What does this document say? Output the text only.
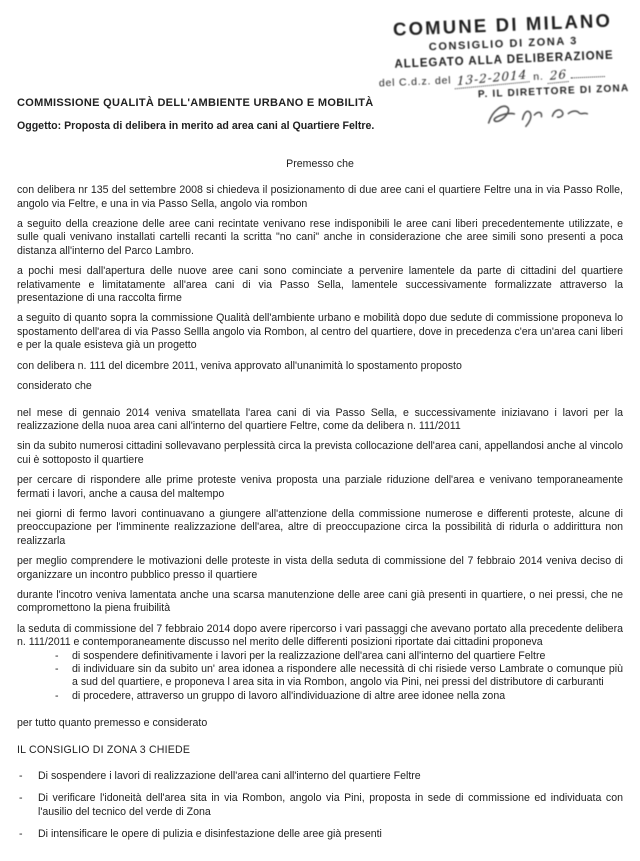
COMUNE DI MILANO
CONSIGLIO DI ZONA 3
ALLEGATO ALLA DELIBERAZIONE
del C.d.z. del 13-2-2014 n. 26
P. IL DIRETTORE DI ZONA
COMMISSIONE QUALITÀ DELL'AMBIENTE URBANO E MOBILITÀ
Oggetto: Proposta di delibera in merito ad area cani al Quartiere Feltre.
Premesso che

con delibera nr 135 del settembre 2008 si chiedeva il posizionamento di due aree cani el quartiere Feltre una in via Passo Rolle, angolo via Feltre, e una in via Passo Sella, angolo via rombon

a seguito della creazione delle aree cani recintate venivano rese indisponibili le aree cani liberi precedentemente utilizzate, e sulle quali venivano installati cartelli recanti la scritta "no cani" anche in considerazione che aree simili sono presenti a poca distanza all'interno del Parco Lambro.

a pochi mesi dall'apertura delle nuove aree cani sono cominciate a pervenire lamentele da parte di cittadini del quartiere relativamente e limitatamente all'area cani di via Passo Sella, lamentele successivamente formalizzate attraverso la presentazione di una raccolta firme

a seguito di quanto sopra la commissione Qualità dell'ambiente urbano e mobilità dopo due sedute di commissione proponeva lo spostamento dell'area di via Passo Sellla angolo via Rombon, al centro del quartiere, dove in precedenza c'era un'area cani liberi e per la quale esisteva già un progetto

con delibera n. 111 del dicembre 2011, veniva approvato all'unanimità lo spostamento proposto

considerato che

nel mese di gennaio 2014 veniva smatellata l'area cani di via Passo Sella, e successivamente iniziavano i lavori per la realizzazione della nuoa area cani all'interno del quartiere Feltre, come da delibera n. 111/2011

sin da subito numerosi cittadini sollevavano perplessità circa la prevista collocazione dell'area cani, appellandosi anche al vincolo cui è sottoposto il quartiere

per cercare di rispondere alle prime proteste veniva proposta una parziale riduzione dell'area e venivano temporaneamente fermati i lavori, anche a causa del maltempo

nei giorni di fermo lavori continuavano a giungere all'attenzione della commissione numerose e differenti proteste, alcune di preoccupazione per l'imminente realizzazione dell'area, altre di preoccupazione circa la possibilità di ridurla o addirittura non realizzarla

per meglio comprendere le motivazioni delle proteste in vista della seduta di commissione del 7 febbraio 2014 veniva deciso di organizzare un incontro pubblico presso il quartiere

durante l'incotro veniva lamentata anche una scarsa manutenzione delle aree cani già presenti in quartiere, o nei pressi, che ne compromettono la piena fruibilità

la seduta di commissione del 7 febbraio 2014 dopo avere ripercorso i vari passaggi che avevano portato alla precedente delibera n. 111/2011 e contemporaneamente discusso nel merito delle differenti posizioni riportate dai cittadini proponeva

- di sospendere definitivamente i lavori per la realizzazione dell'area cani all'interno del quartiere Feltre
- di individuare sin da subito un' area idonea a rispondere alle necessità di chi risiede verso Lambrate o comunque più a sud del quartiere, e proponeva l area sita in via Rombon, angolo via Pini, nei pressi del distributore di carburanti
- di procedere, attraverso un gruppo di lavoro all'individuazione di altre aree idonee nella zona
per tutto quanto premesso e considerato
IL CONSIGLIO DI ZONA 3 CHIEDE
- Di sospendere i lavori di realizzazione dell'area cani all'interno del quartiere Feltre
- Di verificare l'idoneità dell'area sita in via Rombon, angolo via Pini, proposta in sede di commissione ed individuata con l'ausilio del tecnico del verde di Zona
- Di intensificare le opere di pulizia e disinfestazione delle aree già presenti
